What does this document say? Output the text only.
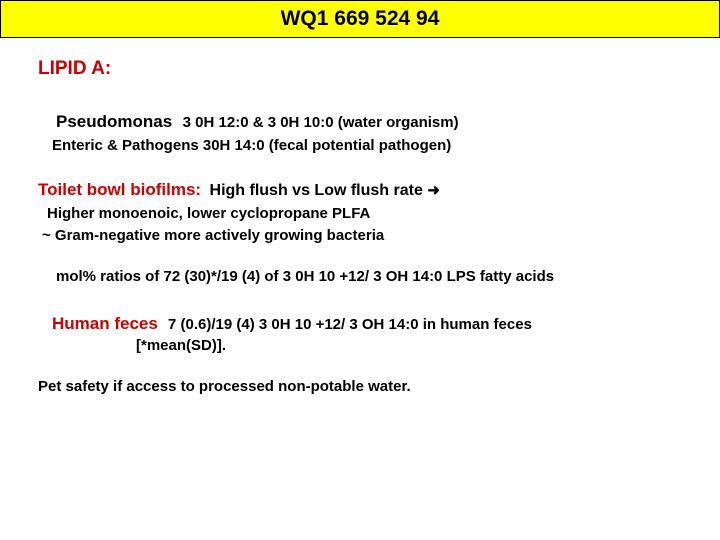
WQ1 669 524 94
LIPID A:
Pseudomonas 3 0H 12:0 & 3 0H 10:0 (water organism)
Enteric & Pathogens 30H 14:0 (fecal potential pathogen)
Toilet bowl biofilms: High flush vs Low flush rate ➜
Higher monoenoic, lower cyclopropane PLFA
~ Gram-negative more actively growing bacteria
mol% ratios of 72 (30)*/19 (4) of 3 0H 10 +12/ 3 OH 14:0 LPS fatty acids
Human feces 7 (0.6)/19 (4) 3 0H 10 +12/ 3 OH 14:0 in human feces
[*mean(SD)].
Pet safety if access to processed non-potable water.
